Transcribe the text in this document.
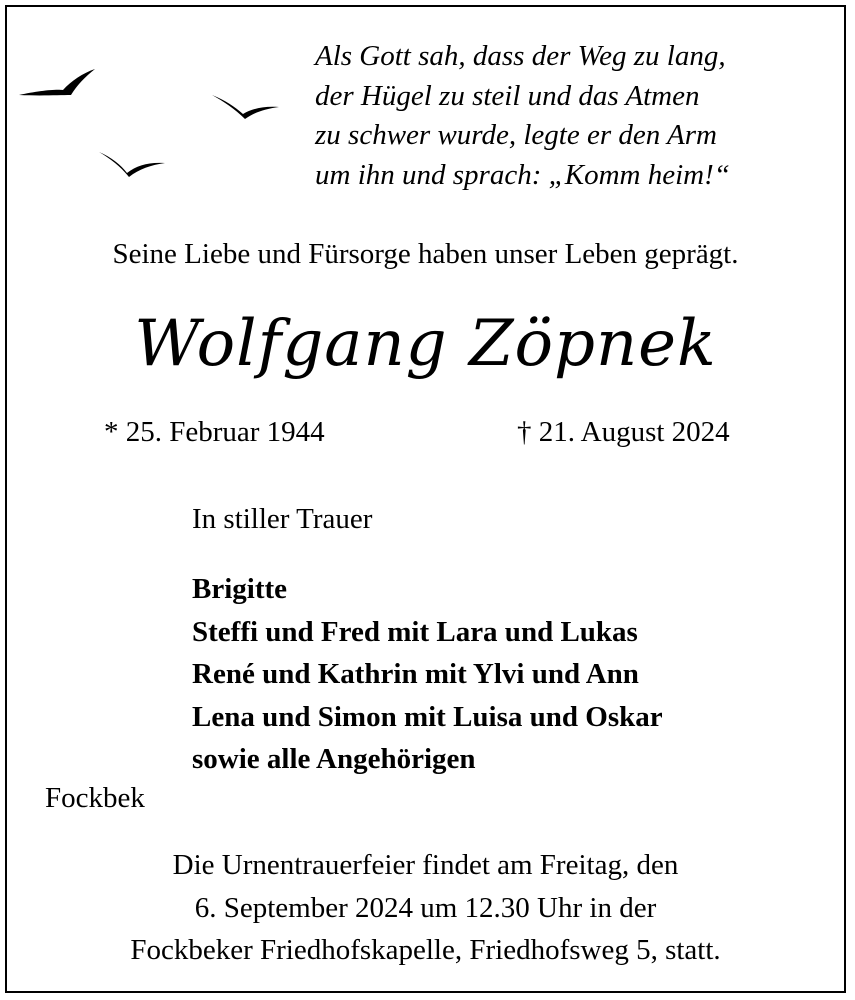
Als Gott sah, dass der Weg zu lang,
der Hügel zu steil und das Atmen
zu schwer wurde, legte er den Arm
um ihn und sprach: „Komm heim!“
Seine Liebe und Fürsorge haben unser Leben geprägt.
Wolfgang Zöpnek
* 25. Februar 1944	† 21. August 2024
In stiller Trauer
Brigitte
Steffi und Fred mit Lara und Lukas
René und Kathrin mit Ylvi und Ann
Lena und Simon mit Luisa und Oskar
sowie alle Angehörigen
Fockbek
Die Urnentrauerfeier findet am Freitag, den
6. September 2024 um 12.30 Uhr in der
Fockbeker Friedhofskapelle, Friedhofsweg 5, statt.
